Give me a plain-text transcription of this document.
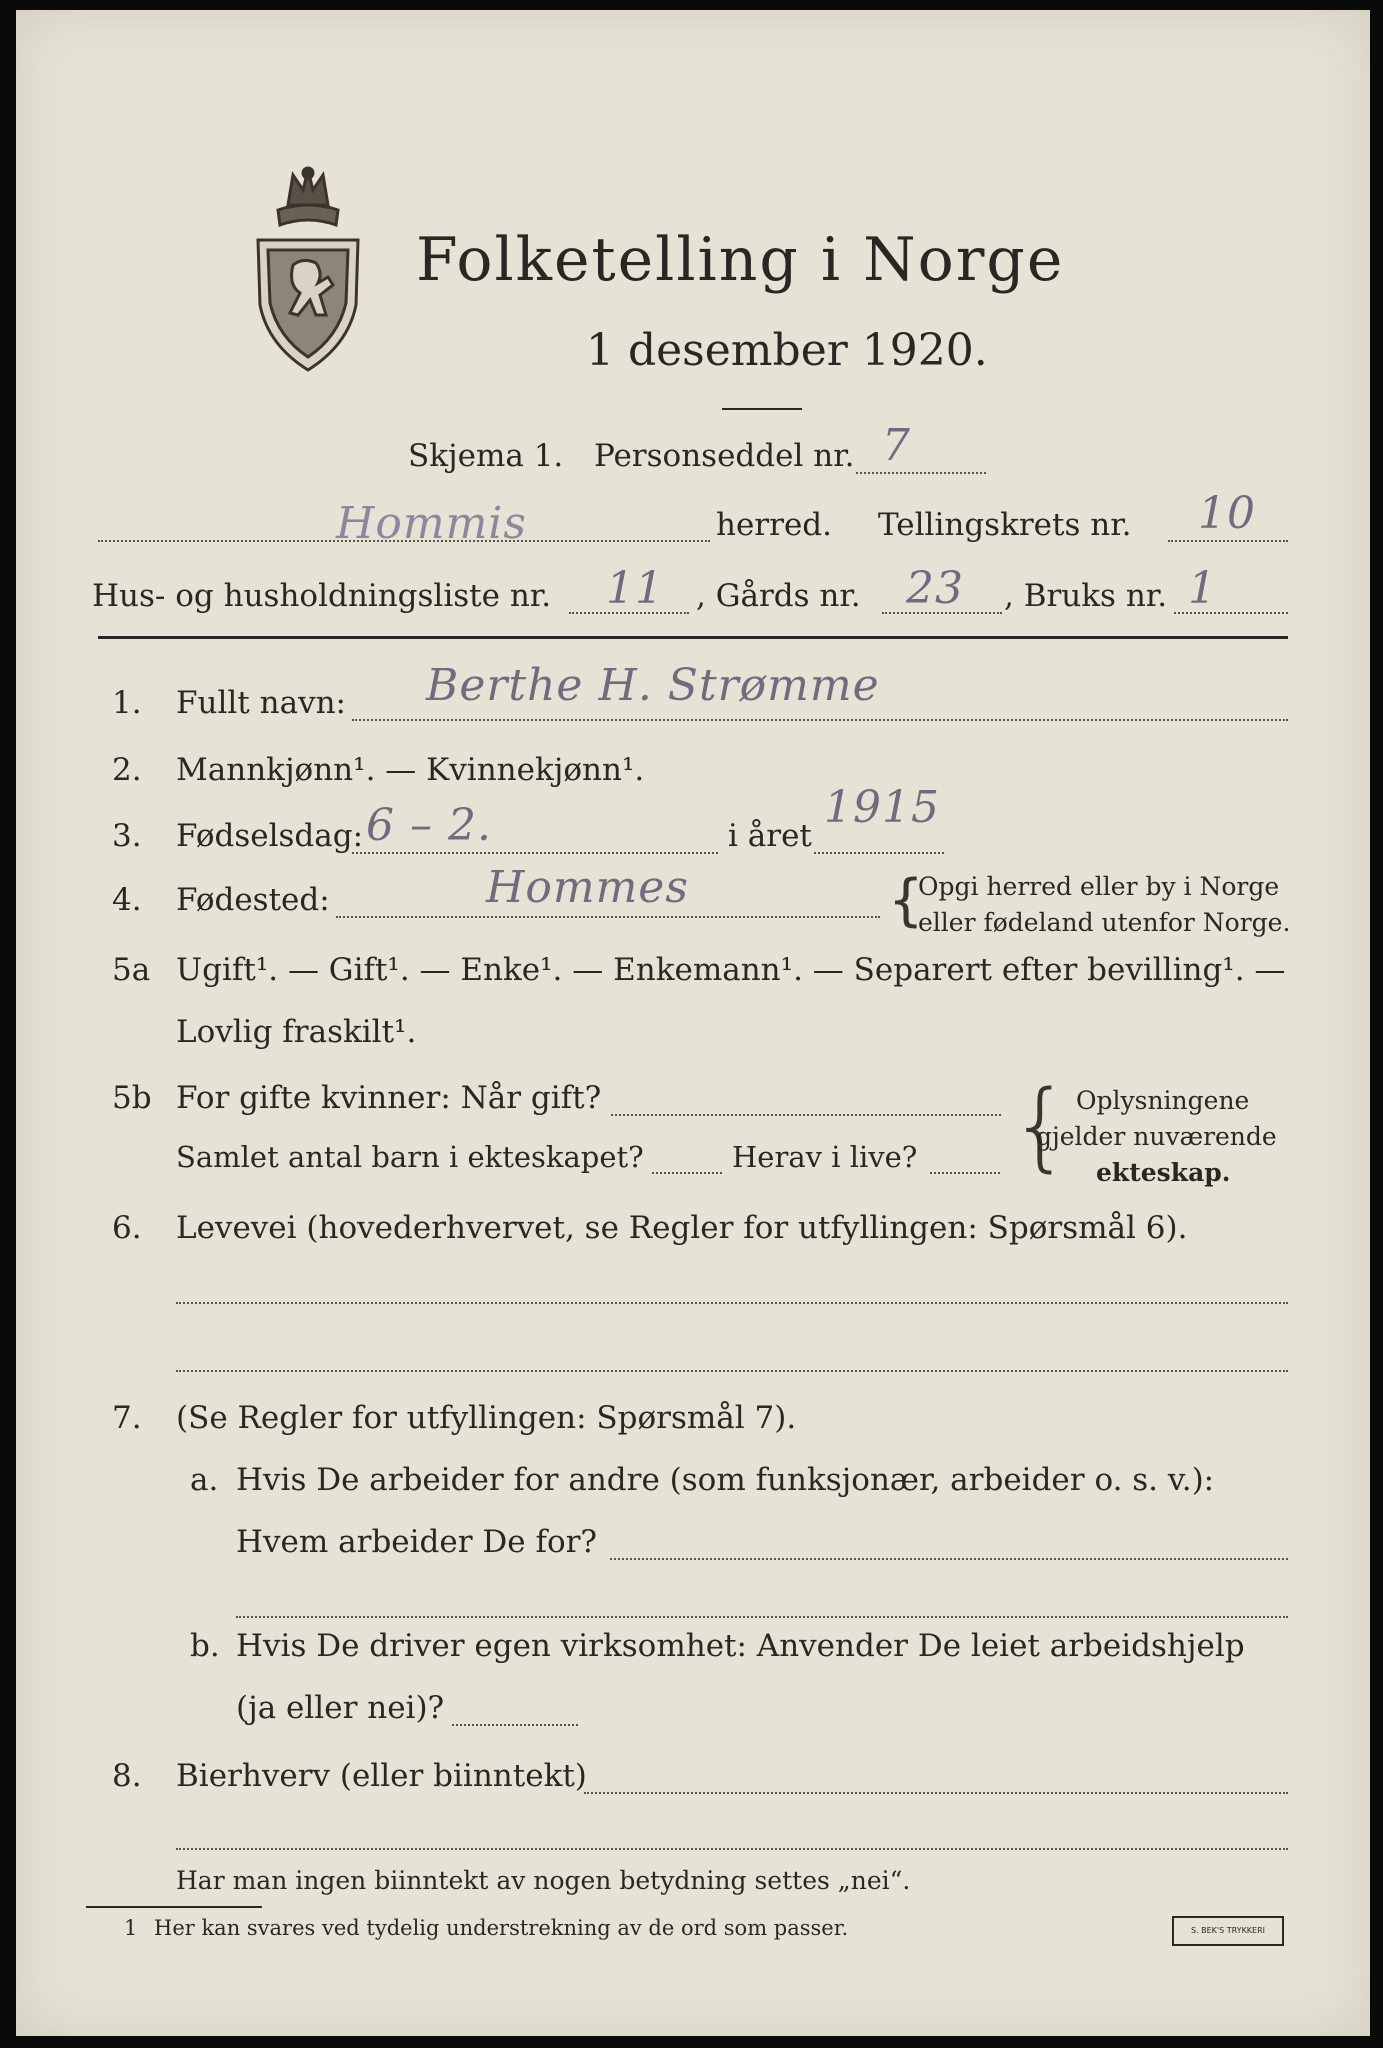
Folketelling i Norge
1 desember 1920.
Skjema 1. Personseddel nr. 7
Hommis	herred. Tellingskrets nr. 10
Hus- og husholdningsliste nr. 11 , Gårds nr. 23 , Bruks nr. 1
1. Fullt navn: Berthe H. Strømme
2. Mannkjønn¹. — Kvinnekjønn¹.
3. Fødselsdag: 6 – 2.	i året
1915
4. Fødested:	Hommes	{
Opgi herred eller by i Norge
eller fødeland utenfor Norge.
5a Ugift¹. — Gift¹. — Enke¹. — Enkemann¹. — Separert efter bevilling¹. —
Lovlig fraskilt¹.
5b For gifte kvinner: Når gift?
Samlet antal barn i ekteskapet?	Herav i live? { Oplysningene
gjelder nuværende
ekteskap.
6. Levevei (hovederhvervet, se Regler for utfyllingen: Spørsmål 6).
7. (Se Regler for utfyllingen: Spørsmål 7).
a. Hvis De arbeider for andre (som funksjonær, arbeider o. s. v.):
Hvem arbeider De for?
b. Hvis De driver egen virksomhet: Anvender De leiet arbeidshjelp
(ja eller nei)?
8. Bierhverv (eller biinntekt)
Har man ingen biinntekt av nogen betydning settes „nei“.
1 Her kan svares ved tydelig understrekning av de ord som passer.	S. BEK'S TRYKKERI
